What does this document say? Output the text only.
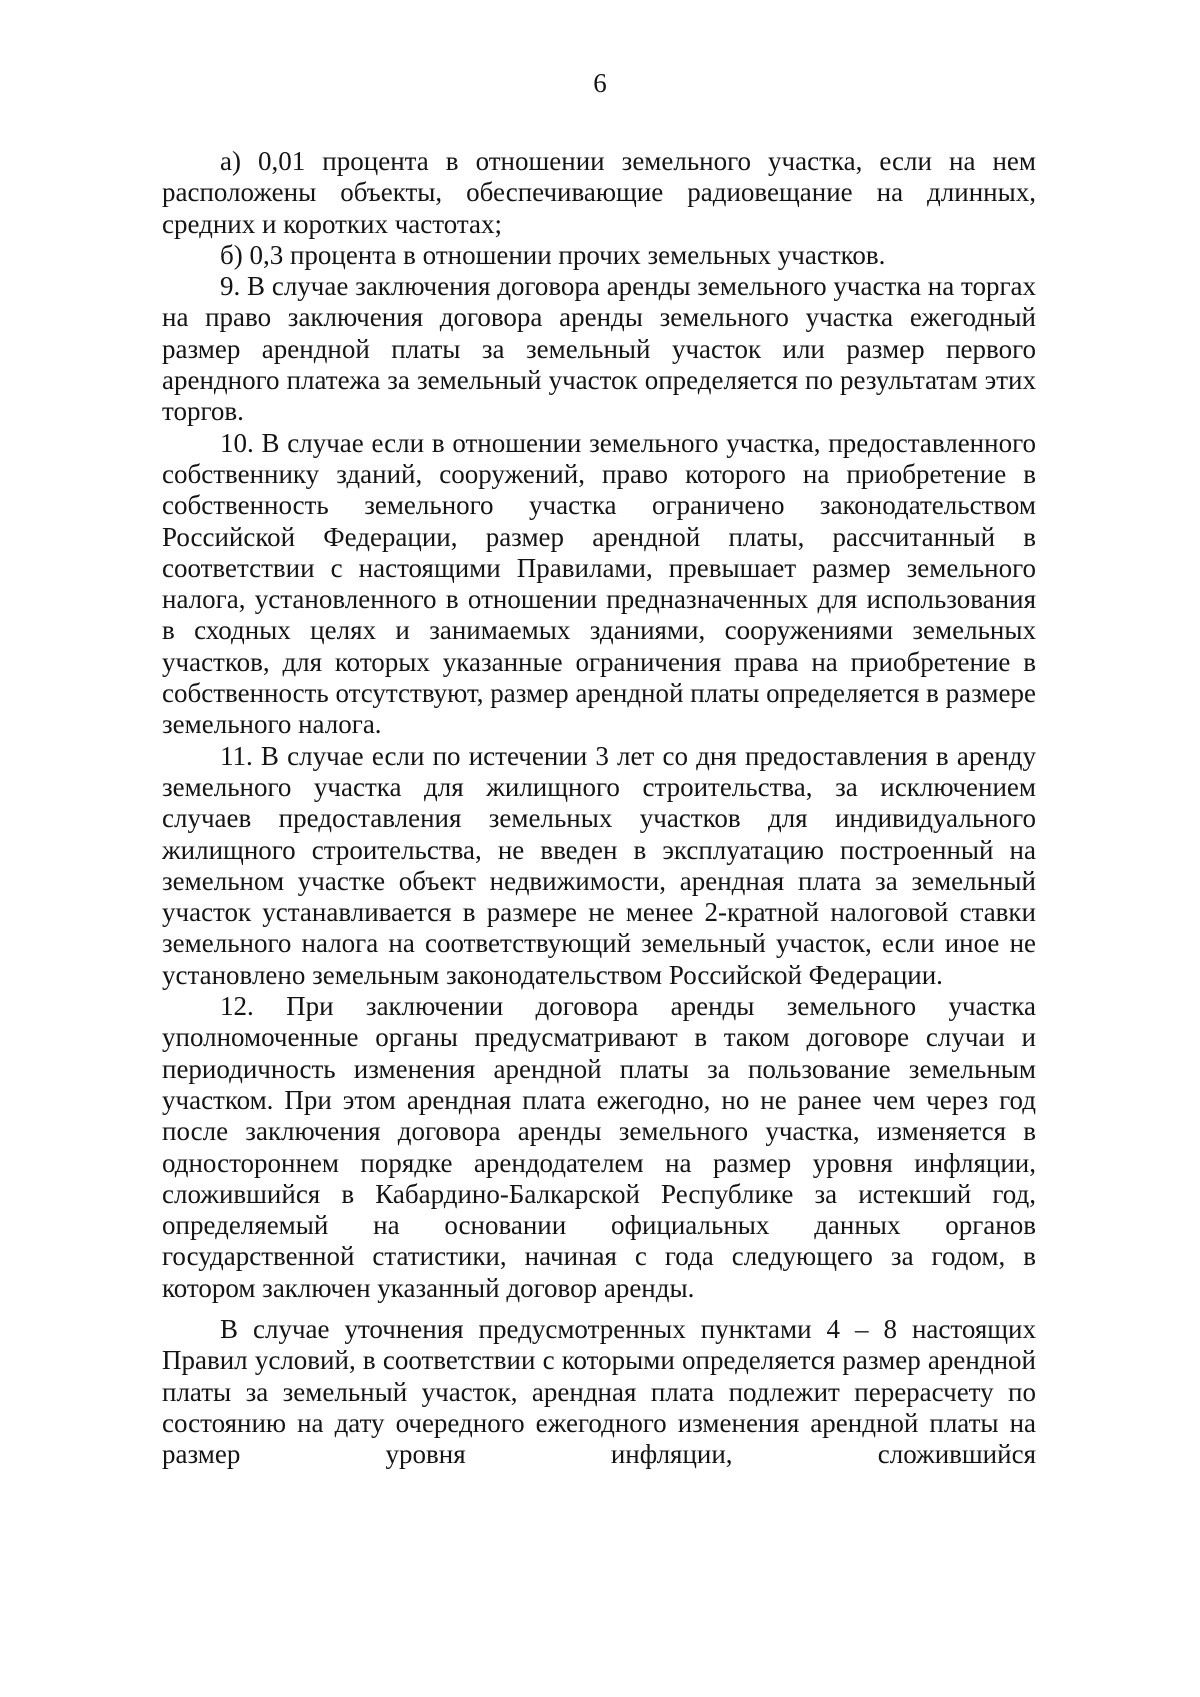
6

а) 0,01 процента в отношении земельного участка, если на нем расположены объекты, обеспечивающие радиовещание на длинных, средних и коротких частотах;

б) 0,3 процента в отношении прочих земельных участков.

9. В случае заключения договора аренды земельного участка на торгах на право заключения договора аренды земельного участка ежегодный размер арендной платы за земельный участок или размер первого арендного платежа за земельный участок определяется по результатам этих торгов.

10. В случае если в отношении земельного участка, предоставленного собственнику зданий, сооружений, право которого на приобретение в собственность земельного участка ограничено законодательством Российской Федерации, размер арендной платы, рассчитанный в соответствии с настоящими Правилами, превышает размер земельного налога, установленного в отношении предназначенных для использования в сходных целях и занимаемых зданиями, сооружениями земельных участков, для которых указанные ограничения права на приобретение в собственность отсутствуют, размер арендной платы определяется в размере земельного налога.

11. В случае если по истечении 3 лет со дня предоставления в аренду земельного участка для жилищного строительства, за исключением случаев предоставления земельных участков для индивидуального жилищного строительства, не введен в эксплуатацию построенный на земельном участке объект недвижимости, арендная плата за земельный участок устанавливается в размере не менее 2-кратной налоговой ставки земельного налога на соответствующий земельный участок, если иное не установлено земельным законодательством Российской Федерации.

12. При заключении договора аренды земельного участка уполномоченные органы предусматривают в таком договоре случаи и периодичность изменения арендной платы за пользование земельным участком. При этом арендная плата ежегодно, но не ранее чем через год после заключения договора аренды земельного участка, изменяется в одностороннем порядке арендодателем на размер уровня инфляции, сложившийся в Кабардино-Балкарской Республике за истекший год, определяемый на основании официальных данных органов государственной статистики, начиная с года следующего за годом, в котором заключен указанный договор аренды.

В случае уточнения предусмотренных пунктами 4 – 8 настоящих Правил условий, в соответствии с которыми определяется размер арендной платы за земельный участок, арендная плата подлежит перерасчету по состоянию на дату очередного ежегодного изменения арендной платы на размер уровня инфляции, сложившийся
